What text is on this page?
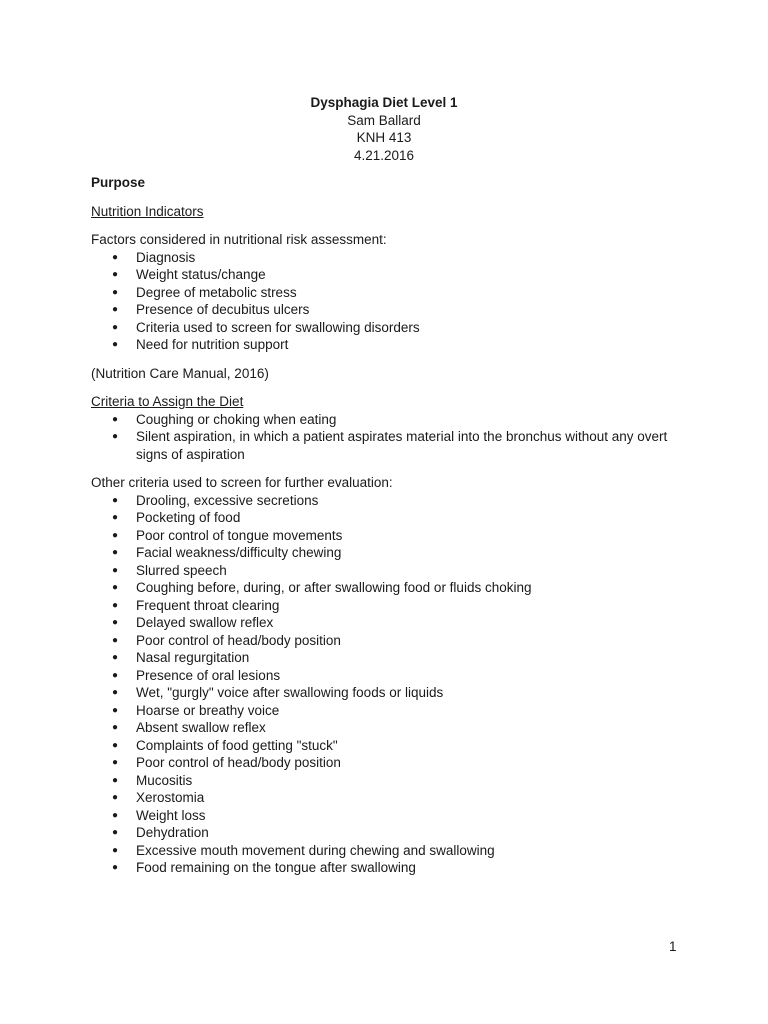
Dysphagia Diet Level 1
Sam Ballard
KNH 413
4.21.2016

Purpose

Nutrition Indicators

Factors considered in nutritional risk assessment:

● Diagnosis
● Weight status/change
● Degree of metabolic stress
● Presence of decubitus ulcers
● Criteria used to screen for swallowing disorders
● Need for nutrition support

(Nutrition Care Manual, 2016)

Criteria to Assign the Diet

● Coughing or choking when eating
● Silent aspiration, in which a patient aspirates material into the bronchus without any overt signs of aspiration

Other criteria used to screen for further evaluation:

● Drooling, excessive secretions
● Pocketing of food
● Poor control of tongue movements
● Facial weakness/difficulty chewing
● Slurred speech
● Coughing before, during, or after swallowing food or fluids choking
● Frequent throat clearing
● Delayed swallow reflex
● Poor control of head/body position
● Nasal regurgitation
● Presence of oral lesions
● Wet, "gurgly" voice after swallowing foods or liquids
● Hoarse or breathy voice
● Absent swallow reflex
● Complaints of food getting "stuck"
● Poor control of head/body position
● Mucositis
● Xerostomia
● Weight loss
● Dehydration
● Excessive mouth movement during chewing and swallowing
● Food remaining on the tongue after swallowing
1
